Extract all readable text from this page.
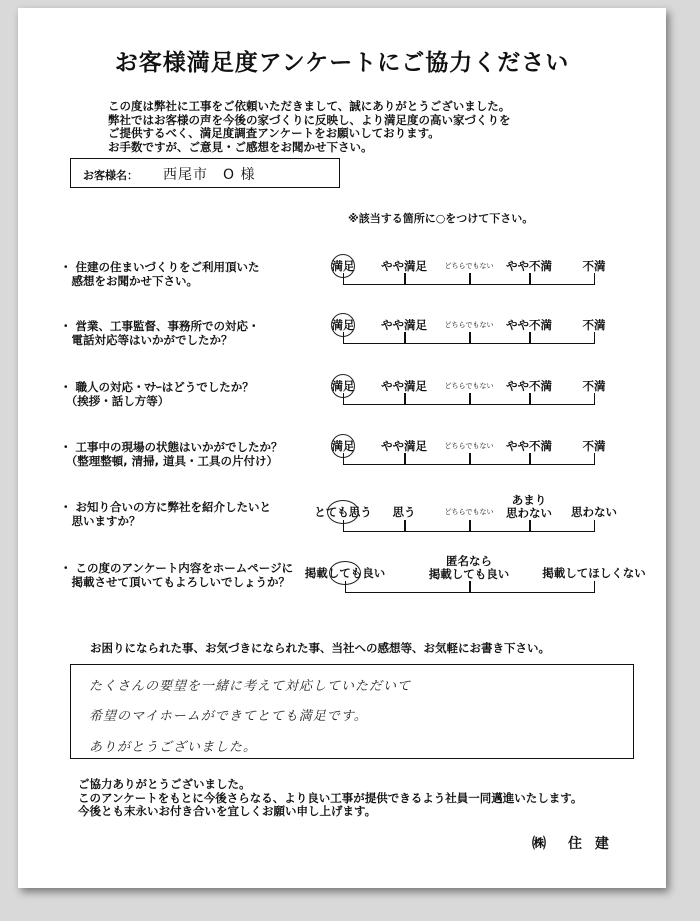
お客様満足度アンケートにご協力ください
この度は弊社に工事をご依頼いただきまして、誠にありがとうございました。
弊社ではお客様の声を今後の家づくりに反映し、より満足度の高い家づくりを
ご提供するべく、満足度調査アンケートをお願いしております。
お手数ですが、ご意見・ご感想をお聞かせ下さい。
お客様名： 西尾市　O 様
※該当する箇所に○をつけて下さい。
・ 住建の住まいづくりをご利用頂いた
　感想をお聞かせ下さい。
満足 やや満足	どちらでもない やや不満	不満
・ 営業、工事監督、事務所での対応・
　電話対応等はいかがでしたか？
満足 やや満足	どちらでもない やや不満	不満
・ 職人の対応・ﾏﾅｰはどうでしたか？
　（挨拶・話し方等）
満足 やや満足	どちらでもない やや不満	不満
・ 工事中の現場の状態はいかがでしたか？
　（整理整頓, 清掃, 道具・工具の片付け）
満足 やや満足	どちらでもない やや不満	不満
・ お知り合いの方に弊社を紹介したいと
　思いますか？
とても思う 思う	どちらでもない
あまり
思わない 思わない
・ この度のアンケート内容をホームページに
　掲載させて頂いてもよろしいでしょうか？
掲載しても良い
匿名なら
掲載しても良い	掲載してほしくない
お困りになられた事、お気づきになられた事、当社への感想等、お気軽にお書き下さい。
たくさんの要望を一緒に考えて対応していただいて
希望のマイホームができてとても満足です。
ありがとうございました。
ご協力ありがとうございました。
このアンケートをもとに今後さらなる、より良い工事が提供できるよう社員一同邁進いたします。
今後とも末永いお付き合いを宜しくお願い申し上げます。
㈱　住 建
